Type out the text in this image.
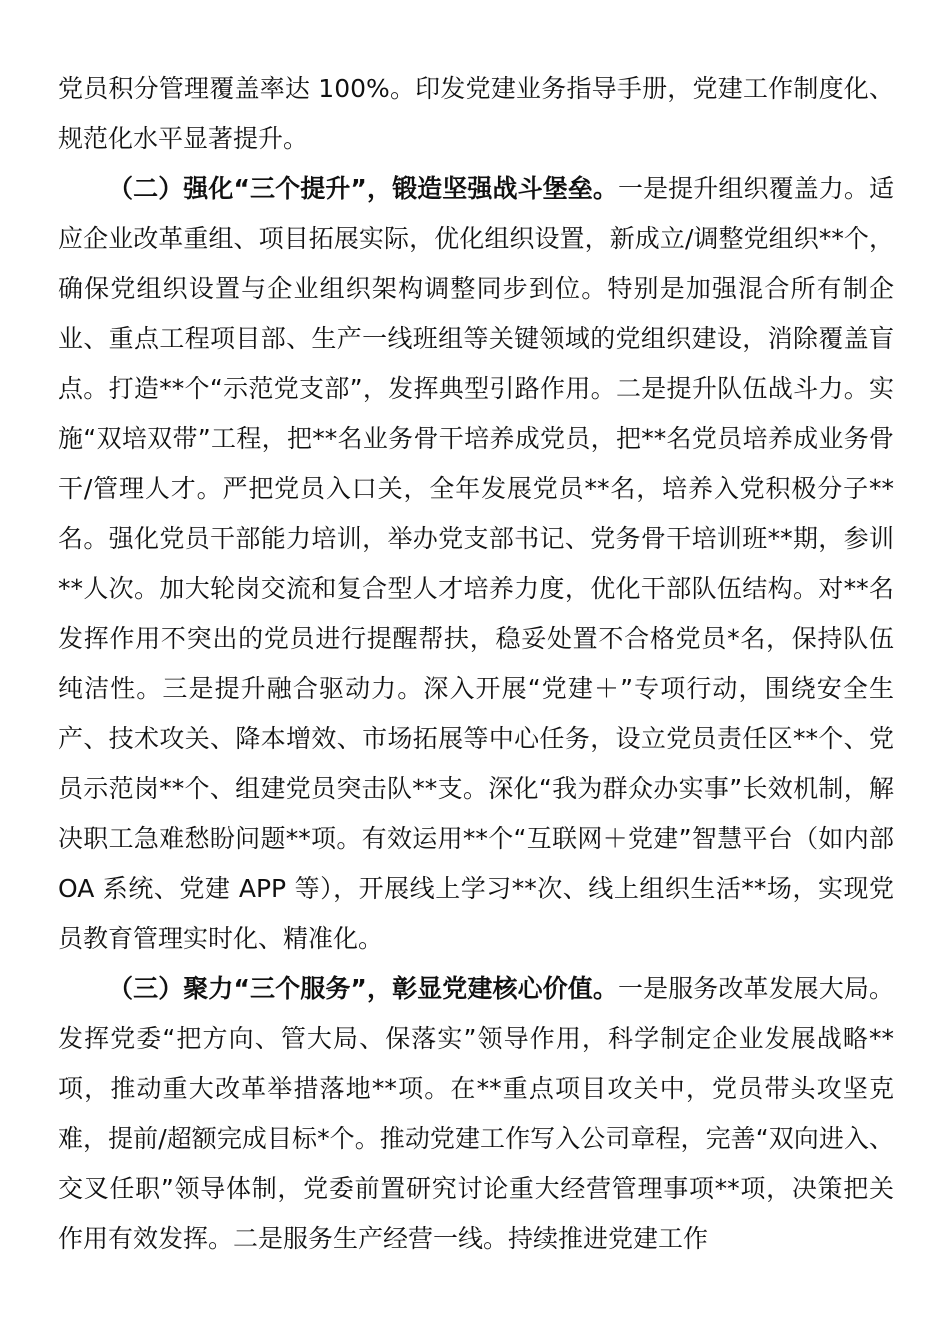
党员积分管理覆盖率达 100%。印发党建业务指导手册，党建工作制度化、规范化水平显著提升。

（二）强化“三个提升”，锻造坚强战斗堡垒。一是提升组织覆盖力。适应企业改革重组、项目拓展实际，优化组织设置，新成立/调整党组织**个，确保党组织设置与企业组织架构调整同步到位。特别是加强混合所有制企业、重点工程项目部、生产一线班组等关键领域的党组织建设，消除覆盖盲点。打造**个“示范党支部”，发挥典型引路作用。二是提升队伍战斗力。实施“双培双带”工程，把**名业务骨干培养成党员，把**名党员培养成业务骨干/管理人才。严把党员入口关，全年发展党员**名，培养入党积极分子**名。强化党员干部能力培训，举办党支部书记、党务骨干培训班**期，参训**人次。加大轮岗交流和复合型人才培养力度，优化干部队伍结构。对**名发挥作用不突出的党员进行提醒帮扶，稳妥处置不合格党员*名，保持队伍纯洁性。三是提升融合驱动力。深入开展“党建＋”专项行动，围绕安全生产、技术攻关、降本增效、市场拓展等中心任务，设立党员责任区**个、党员示范岗**个、组建党员突击队**支。深化“我为群众办实事”长效机制，解决职工急难愁盼问题**项。有效运用**个“互联网＋党建”智慧平台（如内部 OA 系统、党建 APP 等），开展线上学习**次、线上组织生活**场，实现党员教育管理实时化、精准化。

（三）聚力“三个服务”，彰显党建核心价值。一是服务改革发展大局。发挥党委“把方向、管大局、保落实”领导作用，科学制定企业发展战略**项，推动重大改革举措落地**项。在**重点项目攻关中，党员带头攻坚克难，提前/超额完成目标*个。推动党建工作写入公司章程，完善“双向进入、交叉任职”领导体制，党委前置研究讨论重大经营管理事项**项，决策把关作用有效发挥。二是服务生产经营一线。持续推进党建工作
